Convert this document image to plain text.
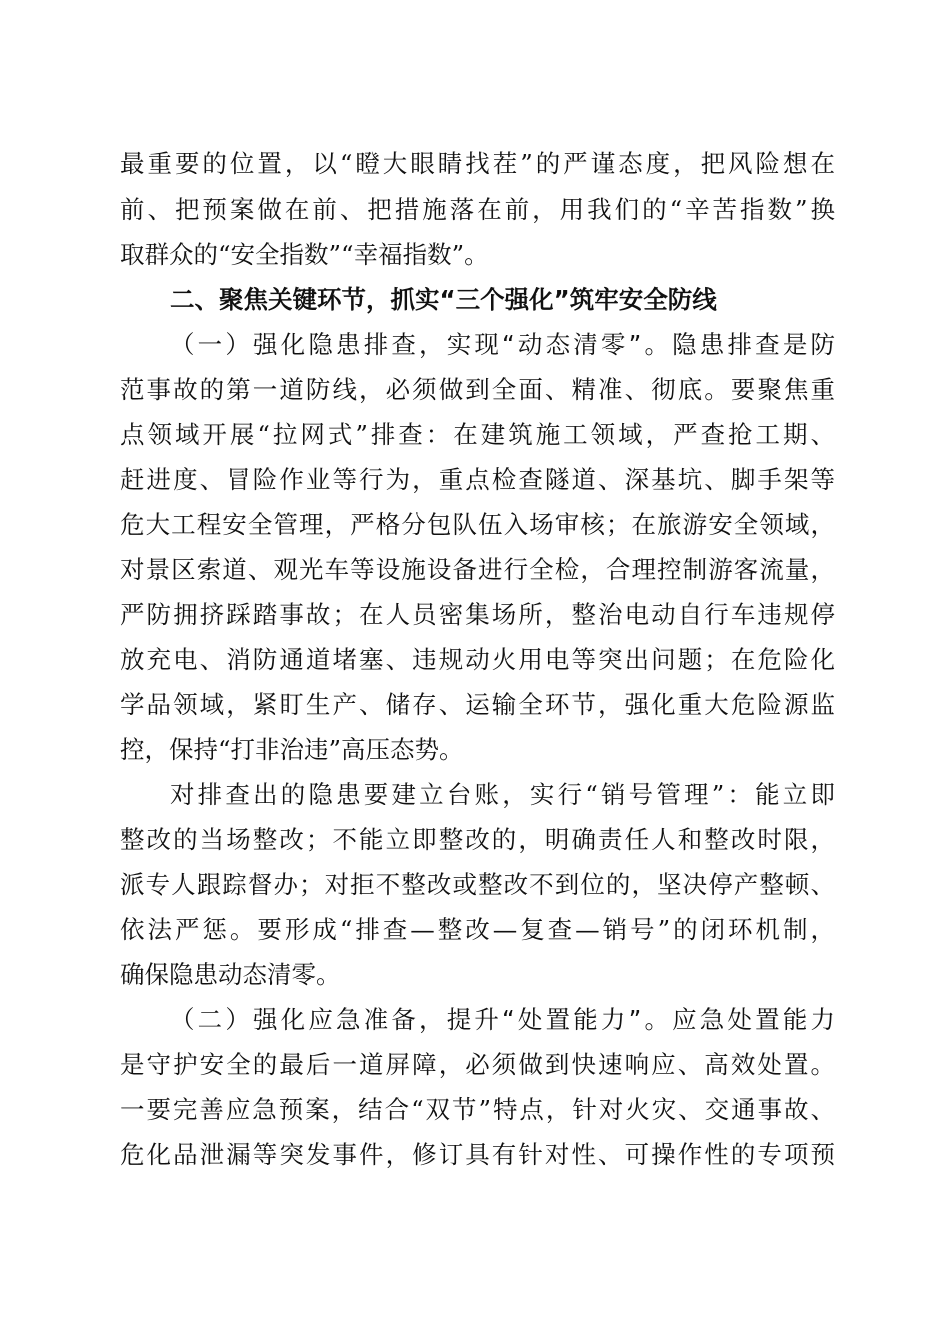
最重要的位置，以“瞪大眼睛找茬”的严谨态度，把风险想在
前、把预案做在前、把措施落在前，用我们的“辛苦指数”换
取群众的“安全指数”“幸福指数”。
二、聚焦关键环节，抓实“三个强化”筑牢安全防线
（一）强化隐患排查，实现“动态清零”。隐患排查是防
范事故的第一道防线，必须做到全面、精准、彻底。要聚焦重
点领域开展“拉网式”排查：在建筑施工领域，严查抢工期、
赶进度、冒险作业等行为，重点检查隧道、深基坑、脚手架等
危大工程安全管理，严格分包队伍入场审核；在旅游安全领域，
对景区索道、观光车等设施设备进行全检，合理控制游客流量，
严防拥挤踩踏事故；在人员密集场所，整治电动自行车违规停
放充电、消防通道堵塞、违规动火用电等突出问题；在危险化
学品领域，紧盯生产、储存、运输全环节，强化重大危险源监
控，保持“打非治违”高压态势。
对排查出的隐患要建立台账，实行“销号管理”：能立即
整改的当场整改；不能立即整改的，明确责任人和整改时限，
派专人跟踪督办；对拒不整改或整改不到位的，坚决停产整顿、
依法严惩。要形成“排查—整改—复查—销号”的闭环机制，
确保隐患动态清零。
（二）强化应急准备，提升“处置能力”。应急处置能力
是守护安全的最后一道屏障，必须做到快速响应、高效处置。
一要完善应急预案，结合“双节”特点，针对火灾、交通事故、
危化品泄漏等突发事件，修订具有针对性、可操作性的专项预
